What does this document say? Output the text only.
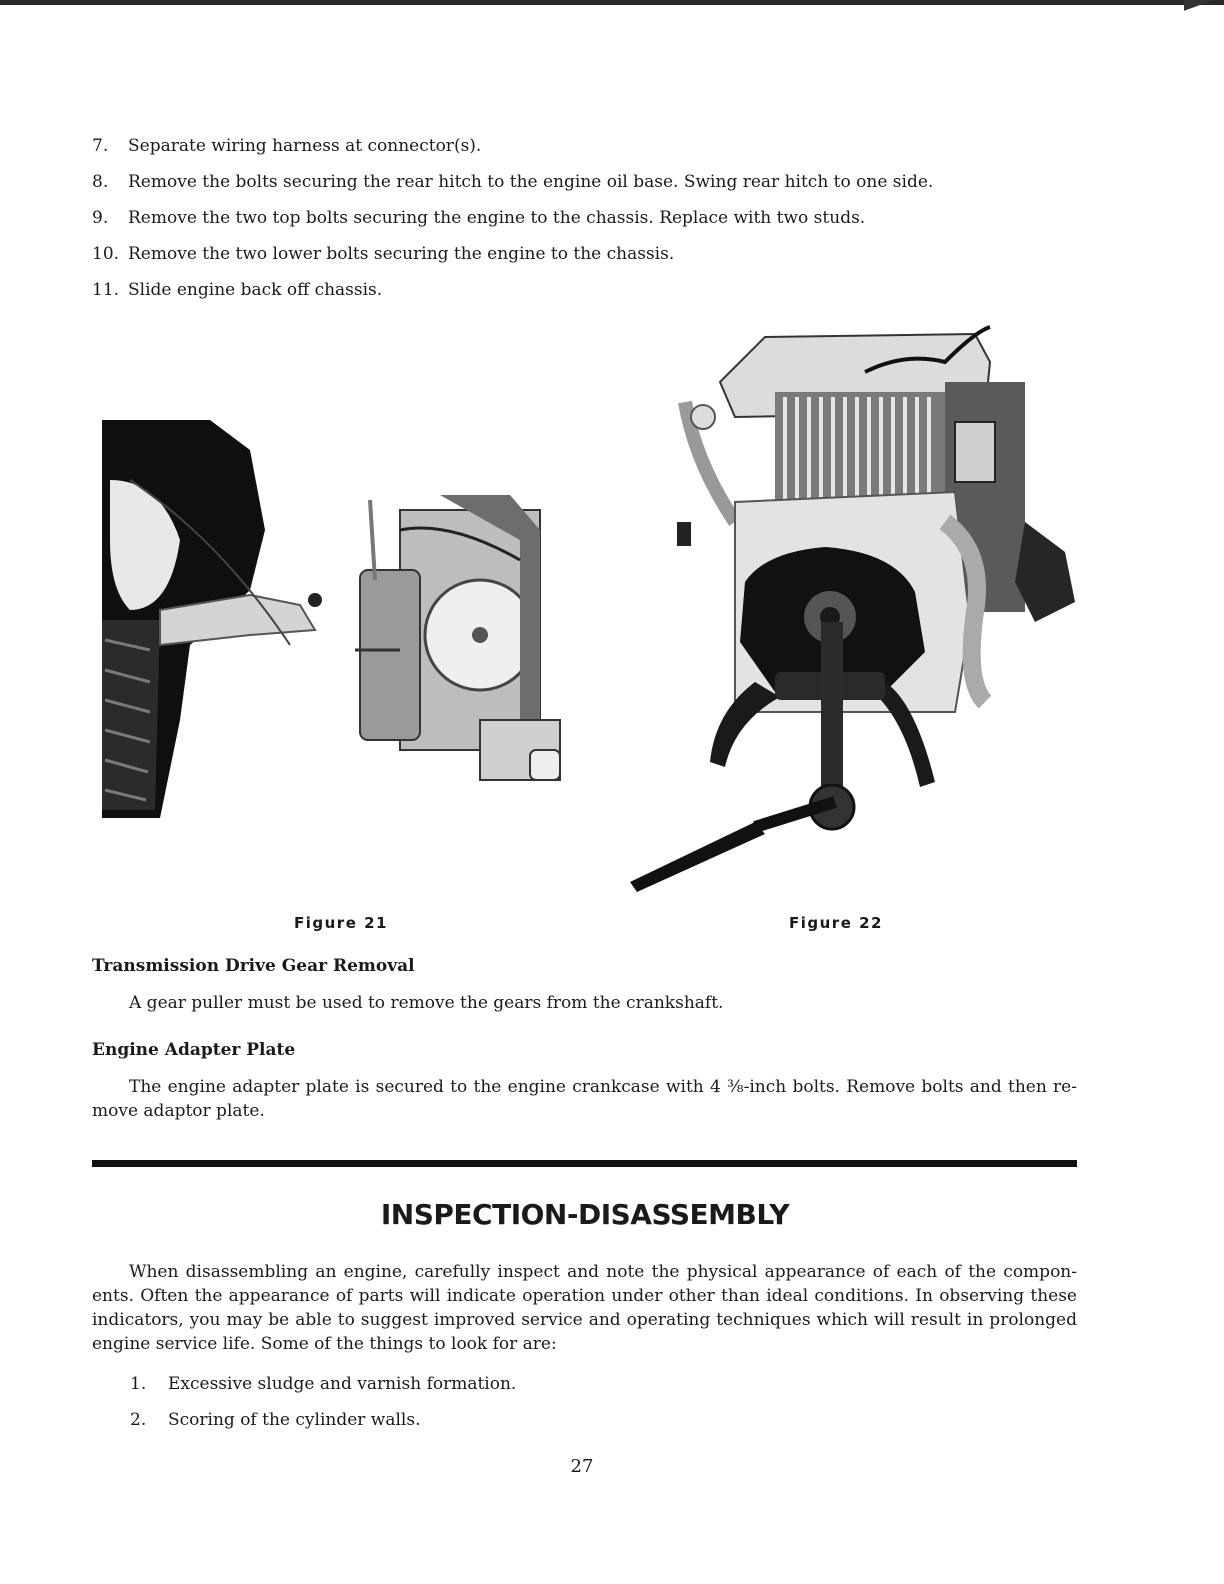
7.	Separate wiring harness at connector(s).
8.	Remove the bolts securing the rear hitch to the engine oil base. Swing rear hitch to one side.
9.	Remove the two top bolts securing the engine to the chassis. Replace with two studs.
10. Remove the two lower bolts securing the engine to the chassis.
11. Slide engine back off chassis.
Figure 21	Figure 22
Transmission Drive Gear Removal

A gear puller must be used to remove the gears from the crankshaft.

Engine Adapter Plate

The engine adapter plate is secured to the engine crankcase with 4 ⅜-inch bolts. Remove bolts and then re-move adaptor plate.

INSPECTION-DISASSEMBLY

When disassembling an engine, carefully inspect and note the physical appearance of each of the compon-ents. Often the appearance of parts will indicate operation under other than ideal conditions. In observing these indicators, you may be able to suggest improved service and operating techniques which will result in prolonged engine service life. Some of the things to look for are:

1.	Excessive sludge and varnish formation.
2.	Scoring of the cylinder walls.
27
